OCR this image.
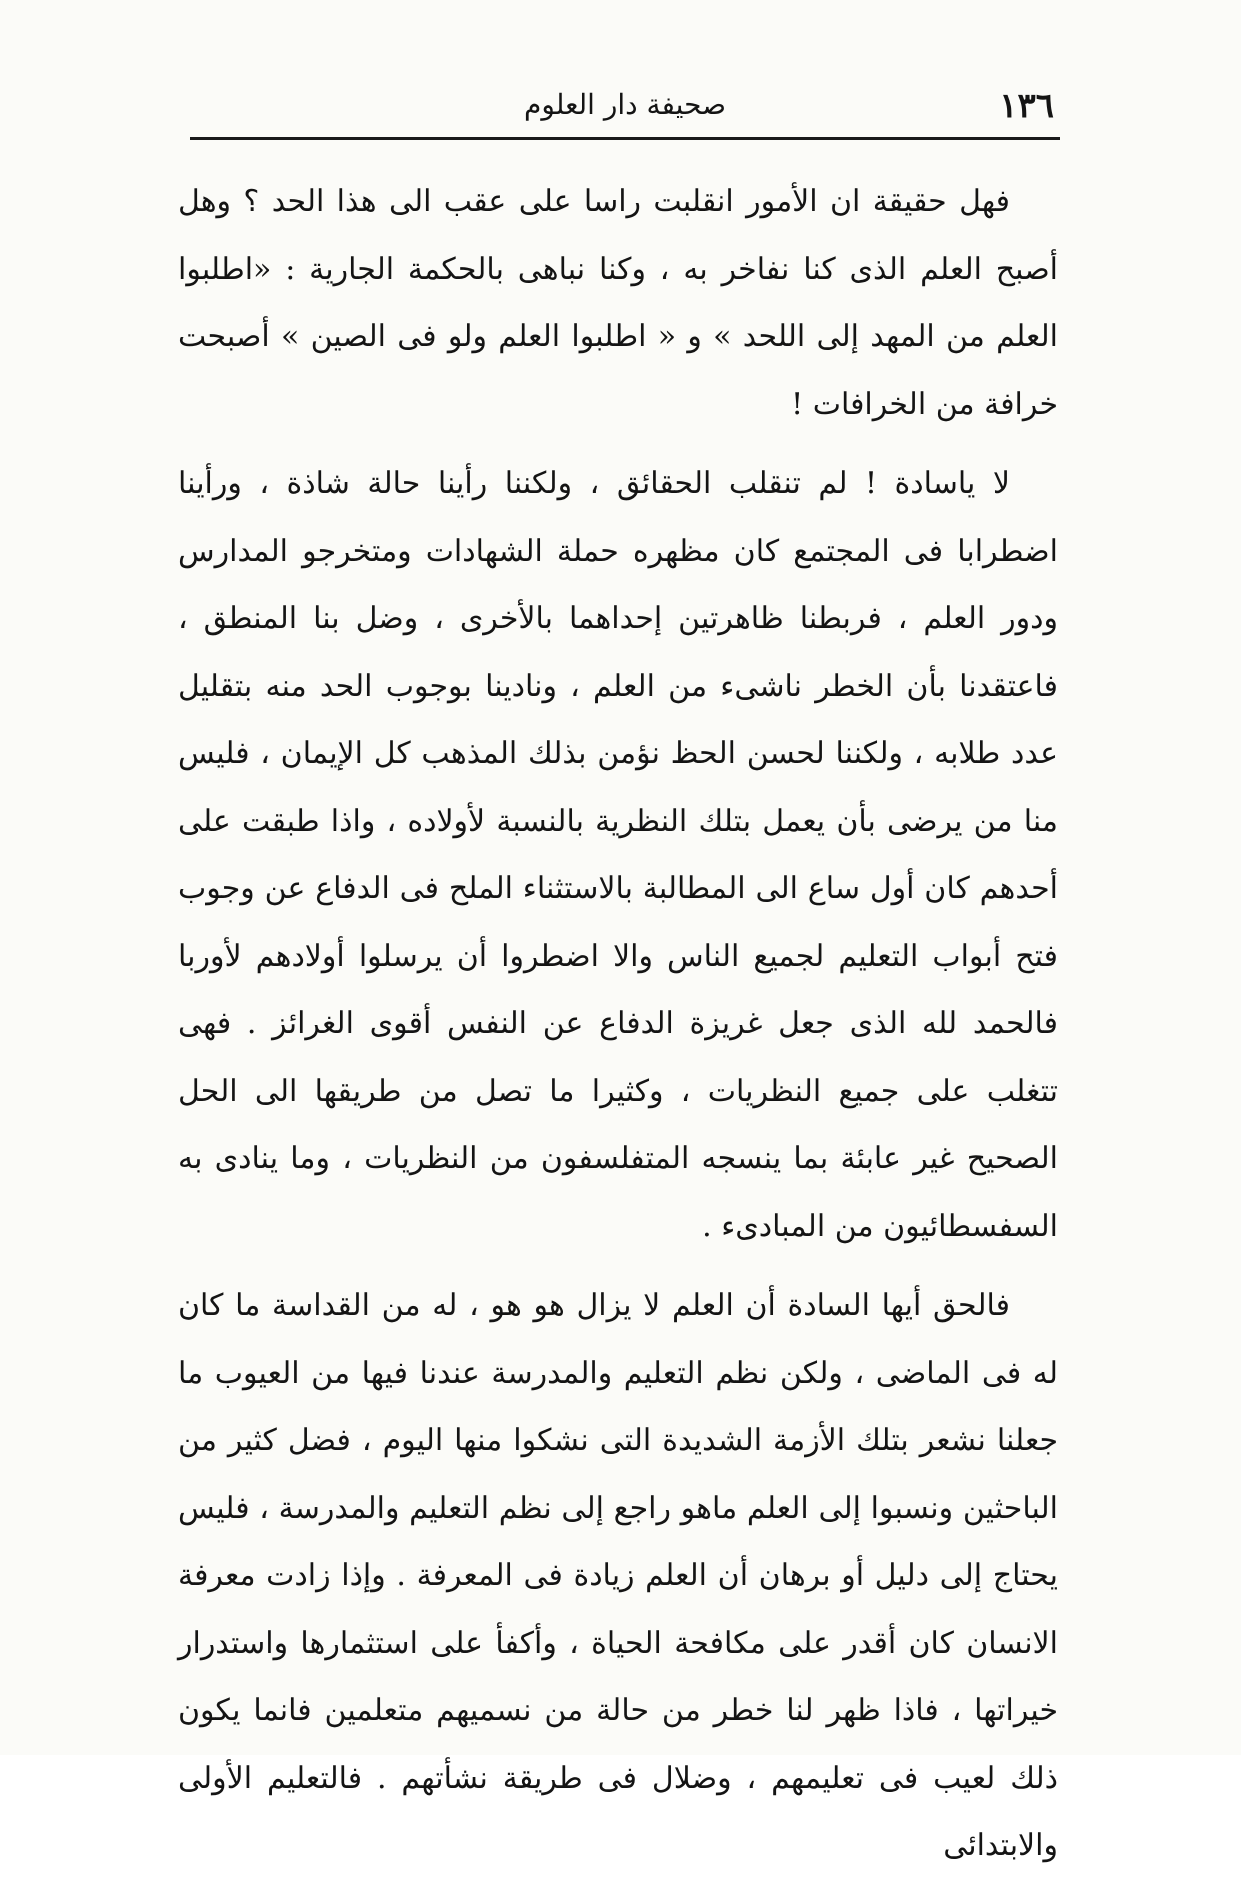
١٣٦
صحيفة دار العلوم

فهل حقيقة ان الأمور انقلبت راسا على عقب الى هذا الحد ؟ وهل أصبح العلم الذى كنا نفاخر به ، وكنا نباهى بالحكمة الجارية : «اطلبوا العلم من المهد إلى اللحد » و « اطلبوا العلم ولو فى الصين » أصبحت خرافة من الخرافات !

لا ياسادة ! لم تنقلب الحقائق ، ولكننا رأينا حالة شاذة ، ورأينا اضطرابا فى المجتمع كان مظهره حملة الشهادات ومتخرجو المدارس ودور العلم ، فربطنا ظاهرتين إحداهما بالأخرى ، وضل بنا المنطق ، فاعتقدنا بأن الخطر ناشىء من العلم ، ونادينا بوجوب الحد منه بتقليل عدد طلابه ، ولكننا لحسن الحظ نؤمن بذلك المذهب كل الإيمان ، فليس منا من يرضى بأن يعمل بتلك النظرية بالنسبة لأولاده ، واذا طبقت على أحدهم كان أول ساع الى المطالبة بالاستثناء الملح فى الدفاع عن وجوب فتح أبواب التعليم لجميع الناس والا اضطروا أن يرسلوا أولادهم لأوربا فالحمد لله الذى جعل غريزة الدفاع عن النفس أقوى الغرائز . فهى تتغلب على جميع النظريات ، وكثيرا ما تصل من طريقها الى الحل الصحيح غير عابئة بما ينسجه المتفلسفون من النظريات ، وما ينادى به السفسطائيون من المبادىء .

فالحق أيها السادة أن العلم لا يزال هو هو ، له من القداسة ما كان له فى الماضى ، ولكن نظم التعليم والمدرسة عندنا فيها من العيوب ما جعلنا نشعر بتلك الأزمة الشديدة التى نشكوا منها اليوم ، فضل كثير من الباحثين ونسبوا إلى العلم ماهو راجع إلى نظم التعليم والمدرسة ، فليس يحتاج إلى دليل أو برهان أن العلم زيادة فى المعرفة . وإذا زادت معرفة الانسان كان أقدر على مكافحة الحياة ، وأكفأ على استثمارها واستدرار خيراتها ، فاذا ظهر لنا خطر من حالة من نسميهم متعلمين فانما يكون ذلك لعيب فى تعليمهم ، وضلال فى طريقة نشأتهم . فالتعليم الأولى والابتدائى
